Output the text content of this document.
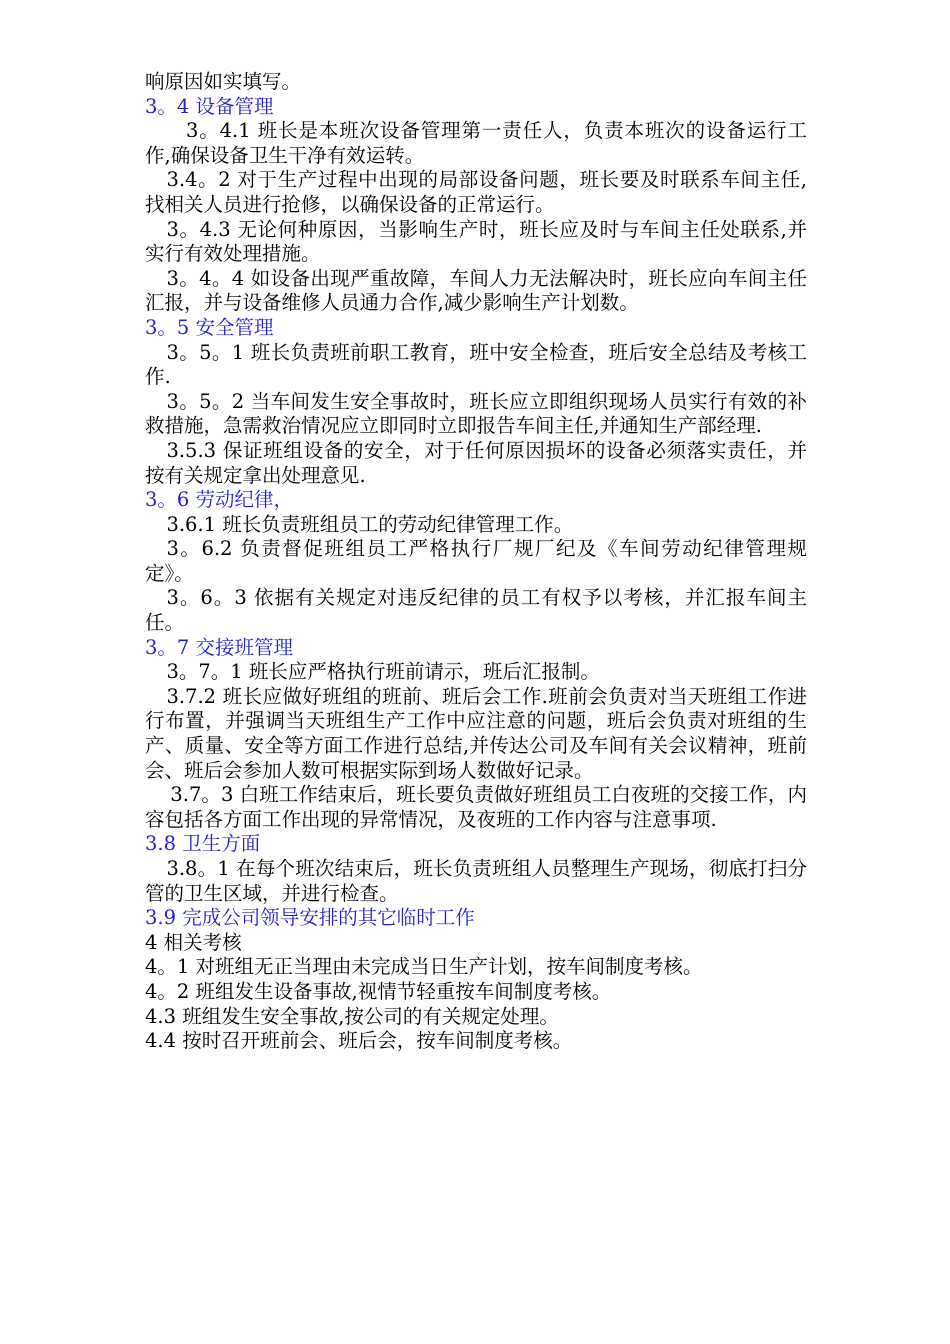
响原因如实填写。

3。4 设备管理

3。4.1 班长是本班次设备管理第一责任人，负责本班次的设备运行工作,确保设备卫生干净有效运转。

3.4。2 对于生产过程中出现的局部设备问题，班长要及时联系车间主任,找相关人员进行抢修，以确保设备的正常运行。

3。4.3 无论何种原因，当影响生产时，班长应及时与车间主任处联系,并实行有效处理措施。

3。4。4 如设备出现严重故障，车间人力无法解决时，班长应向车间主任汇报，并与设备维修人员通力合作,减少影响生产计划数。

3。5 安全管理

3。5。1 班长负责班前职工教育，班中安全检查，班后安全总结及考核工作.

3。5。2 当车间发生安全事故时，班长应立即组织现场人员实行有效的补救措施，急需救治情况应立即同时立即报告车间主任,并通知生产部经理.

3.5.3 保证班组设备的安全，对于任何原因损坏的设备必须落实责任，并按有关规定拿出处理意见.

3。6 劳动纪律，

3.6.1 班长负责班组员工的劳动纪律管理工作。

3。6.2 负责督促班组员工严格执行厂规厂纪及《车间劳动纪律管理规定》。

3。6。3 依据有关规定对违反纪律的员工有权予以考核，并汇报车间主任。

3。7 交接班管理

3。7。1 班长应严格执行班前请示，班后汇报制。

3.7.2 班长应做好班组的班前、班后会工作.班前会负责对当天班组工作进行布置，并强调当天班组生产工作中应注意的问题，班后会负责对班组的生产、质量、安全等方面工作进行总结,并传达公司及车间有关会议精神，班前会、班后会参加人数可根据实际到场人数做好记录。

3.7。3 白班工作结束后，班长要负责做好班组员工白夜班的交接工作，内容包括各方面工作出现的异常情况，及夜班的工作内容与注意事项.

3.8 卫生方面

3.8。1 在每个班次结束后，班长负责班组人员整理生产现场，彻底打扫分管的卫生区域，并进行检查。

3.9 完成公司领导安排的其它临时工作

4 相关考核

4。1 对班组无正当理由未完成当日生产计划，按车间制度考核。

4。2 班组发生设备事故,视情节轻重按车间制度考核。

4.3 班组发生安全事故,按公司的有关规定处理。

4.4 按时召开班前会、班后会，按车间制度考核。
